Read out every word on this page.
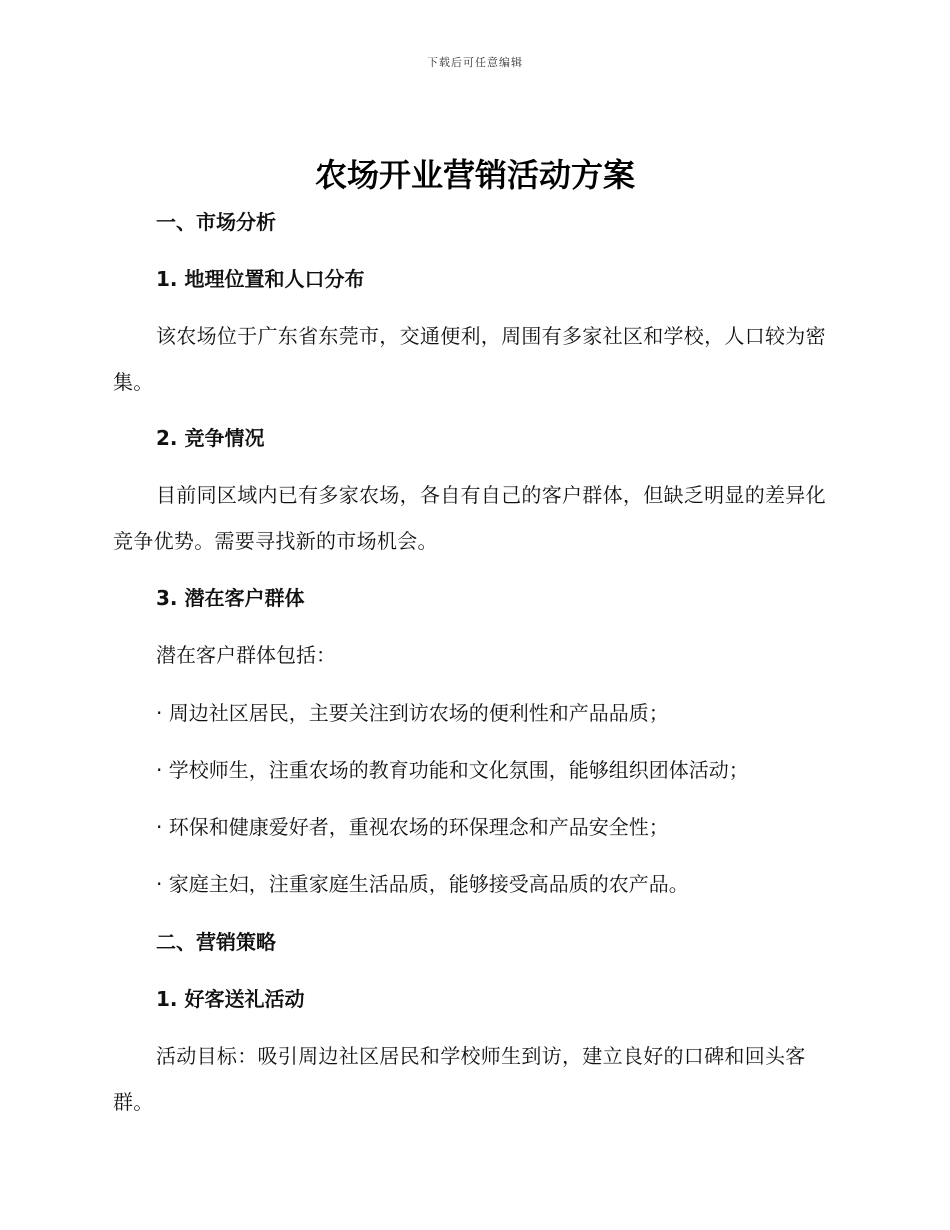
下载后可任意编辑
农场开业营销活动方案
一、市场分析
1. 地理位置和人口分布
该农场位于广东省东莞市，交通便利，周围有多家社区和学校，人口较为密集。
2. 竞争情况
目前同区域内已有多家农场，各自有自己的客户群体，但缺乏明显的差异化竞争优势。需要寻找新的市场机会。
3. 潜在客户群体
潜在客户群体包括：
· 周边社区居民，主要关注到访农场的便利性和产品品质；
· 学校师生，注重农场的教育功能和文化氛围，能够组织团体活动；
· 环保和健康爱好者，重视农场的环保理念和产品安全性；
· 家庭主妇，注重家庭生活品质，能够接受高品质的农产品。
二、营销策略
1. 好客送礼活动
活动目标：吸引周边社区居民和学校师生到访，建立良好的口碑和回头客群。
